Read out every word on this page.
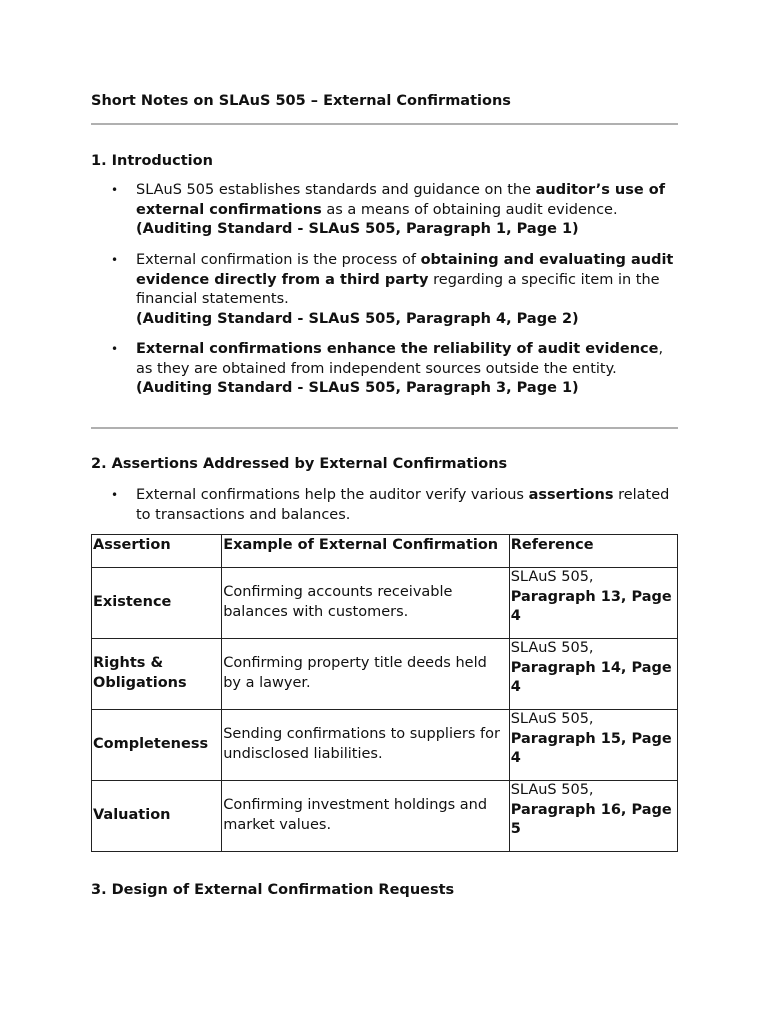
Short Notes on SLAuS 505 – External Confirmations
1. Introduction
• SLAuS 505 establishes standards and guidance on the auditor’s use of external confirmations as a means of obtaining audit evidence.
(Auditing Standard - SLAuS 505, Paragraph 1, Page 1)
• External confirmation is the process of obtaining and evaluating audit evidence directly from a third party regarding a specific item in the financial statements.
(Auditing Standard - SLAuS 505, Paragraph 4, Page 2)
• External confirmations enhance the reliability of audit evidence, as they are obtained from independent sources outside the entity.
(Auditing Standard - SLAuS 505, Paragraph 3, Page 1)
2. Assertions Addressed by External Confirmations
• External confirmations help the auditor verify various assertions related to transactions and balances.
Assertion	Example of External Confirmation	Reference
Existence	Confirming accounts receivable balances with customers.	SLAuS 505,
Paragraph 13, Page 4
Rights & Obligations	Confirming property title deeds held by a lawyer.	SLAuS 505,
Paragraph 14, Page 4
Completeness	Sending confirmations to suppliers for undisclosed liabilities.	SLAuS 505,
Paragraph 15, Page 4
Valuation	Confirming investment holdings and market values.	SLAuS 505,
Paragraph 16, Page 5
3. Design of External Confirmation Requests
